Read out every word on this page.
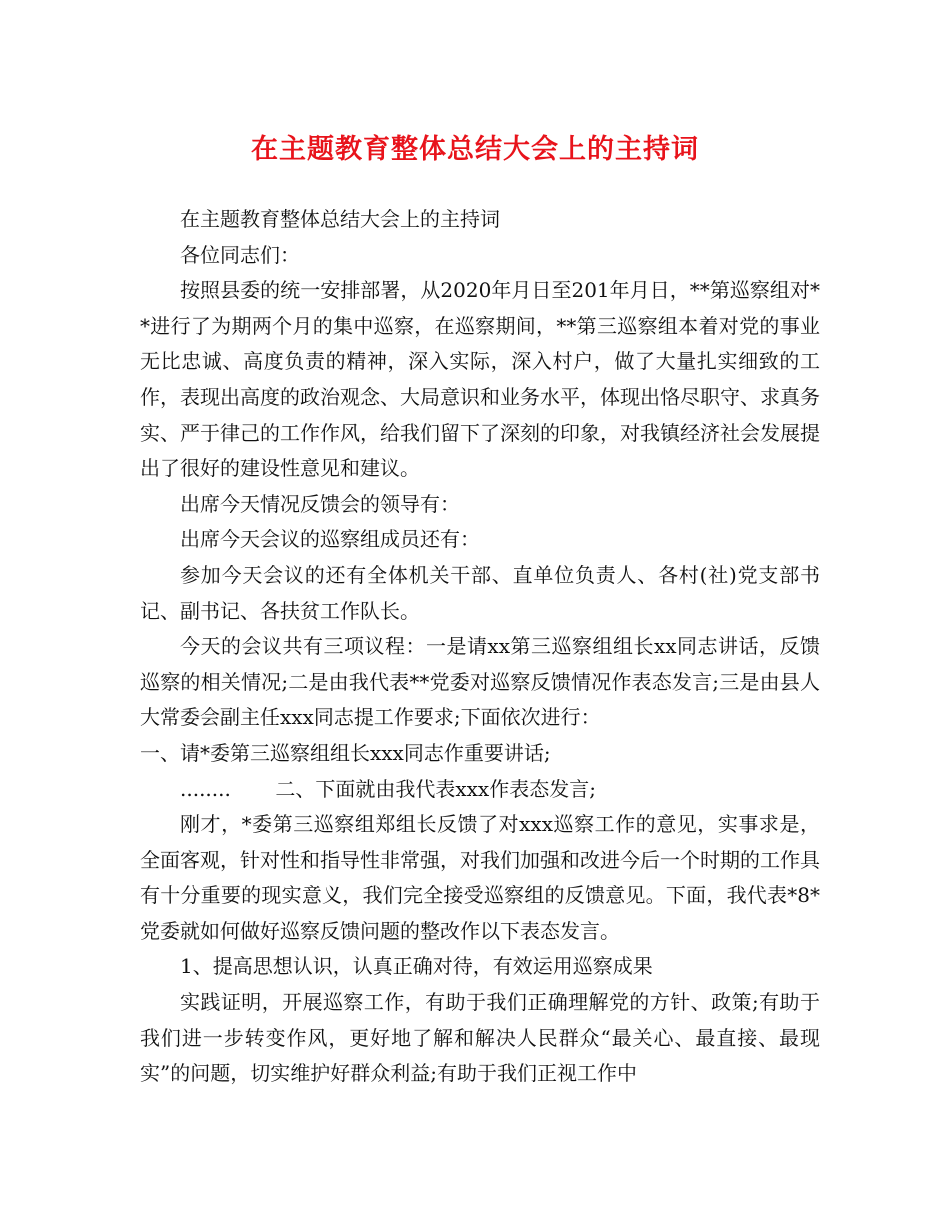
在主题教育整体总结大会上的主持词

在主题教育整体总结大会上的主持词

各位同志们：

按照县委的统一安排部署，从2020年月日至201年月日，**第巡察组对**进行了为期两个月的集中巡察，在巡察期间，**第三巡察组本着对党的事业无比忠诚、高度负责的精神，深入实际，深入村户，做了大量扎实细致的工作，表现出高度的政治观念、大局意识和业务水平，体现出恪尽职守、求真务实、严于律己的工作作风，给我们留下了深刻的印象，对我镇经济社会发展提出了很好的建设性意见和建议。

出席今天情况反馈会的领导有：

出席今天会议的巡察组成员还有：

参加今天会议的还有全体机关干部、直单位负责人、各村(社)党支部书记、副书记、各扶贫工作队长。

今天的会议共有三项议程：一是请xx第三巡察组组长xx同志讲话，反馈巡察的相关情况;二是由我代表**党委对巡察反馈情况作表态发言;三是由县人大常委会副主任xxx同志提工作要求;下面依次进行：

一、请*委第三巡察组组长xxx同志作重要讲话;

........       二、下面就由我代表xxx作表态发言;

刚才，*委第三巡察组郑组长反馈了对xxx巡察工作的意见，实事求是，全面客观，针对性和指导性非常强，对我们加强和改进今后一个时期的工作具有十分重要的现实意义，我们完全接受巡察组的反馈意见。下面，我代表*8*党委就如何做好巡察反馈问题的整改作以下表态发言。

1、提高思想认识，认真正确对待，有效运用巡察成果

实践证明，开展巡察工作，有助于我们正确理解党的方针、政策;有助于我们进一步转变作风，更好地了解和解决人民群众“最关心、最直接、最现实”的问题，切实维护好群众利益;有助于我们正视工作中
